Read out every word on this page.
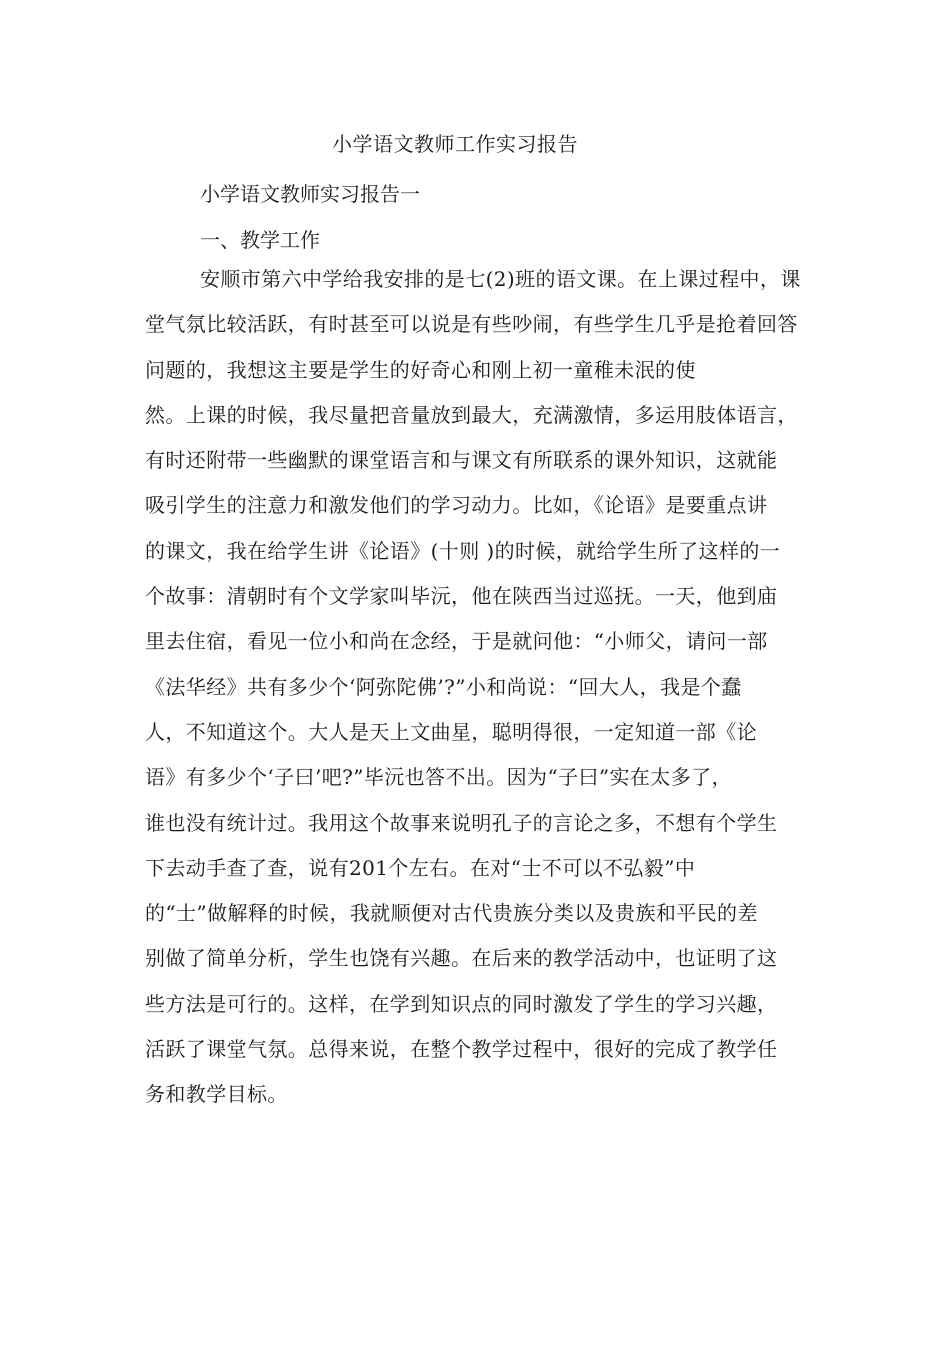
小学语文教师工作实习报告
小学语文教师实习报告一
一、教学工作
安顺市第六中学给我安排的是七(2)班的语文课。在上课过程中，课
堂气氛比较活跃，有时甚至可以说是有些吵闹，有些学生几乎是抢着回答
问题的，我想这主要是学生的好奇心和刚上初一童稚未泯的使
然。上课的时候，我尽量把音量放到最大，充满激情，多运用肢体语言，
有时还附带一些幽默的课堂语言和与课文有所联系的课外知识，这就能
吸引学生的注意力和激发他们的学习动力。比如，《论语》是要重点讲
的课文，我在给学生讲《论语》(十则 )的时候，就给学生所了这样的一
个故事：清朝时有个文学家叫毕沅，他在陕西当过巡抚。一天，他到庙
里去住宿，看见一位小和尚在念经，于是就问他：“小师父，请问一部
《法华经》共有多少个‘阿弥陀佛’?”小和尚说：“回大人，我是个蠢
人，不知道这个。大人是天上文曲星，聪明得很，一定知道一部《论
语》有多少个‘子曰’吧?”毕沅也答不出。因为“子曰”实在太多了，
谁也没有统计过。我用这个故事来说明孔子的言论之多，不想有个学生
下去动手查了查，说有201个左右。在对“士不可以不弘毅”中
的“士”做解释的时候，我就顺便对古代贵族分类以及贵族和平民的差
别做了简单分析，学生也饶有兴趣。在后来的教学活动中，也证明了这
些方法是可行的。这样，在学到知识点的同时激发了学生的学习兴趣，
活跃了课堂气氛。总得来说，在整个教学过程中，很好的完成了教学任
务和教学目标。
